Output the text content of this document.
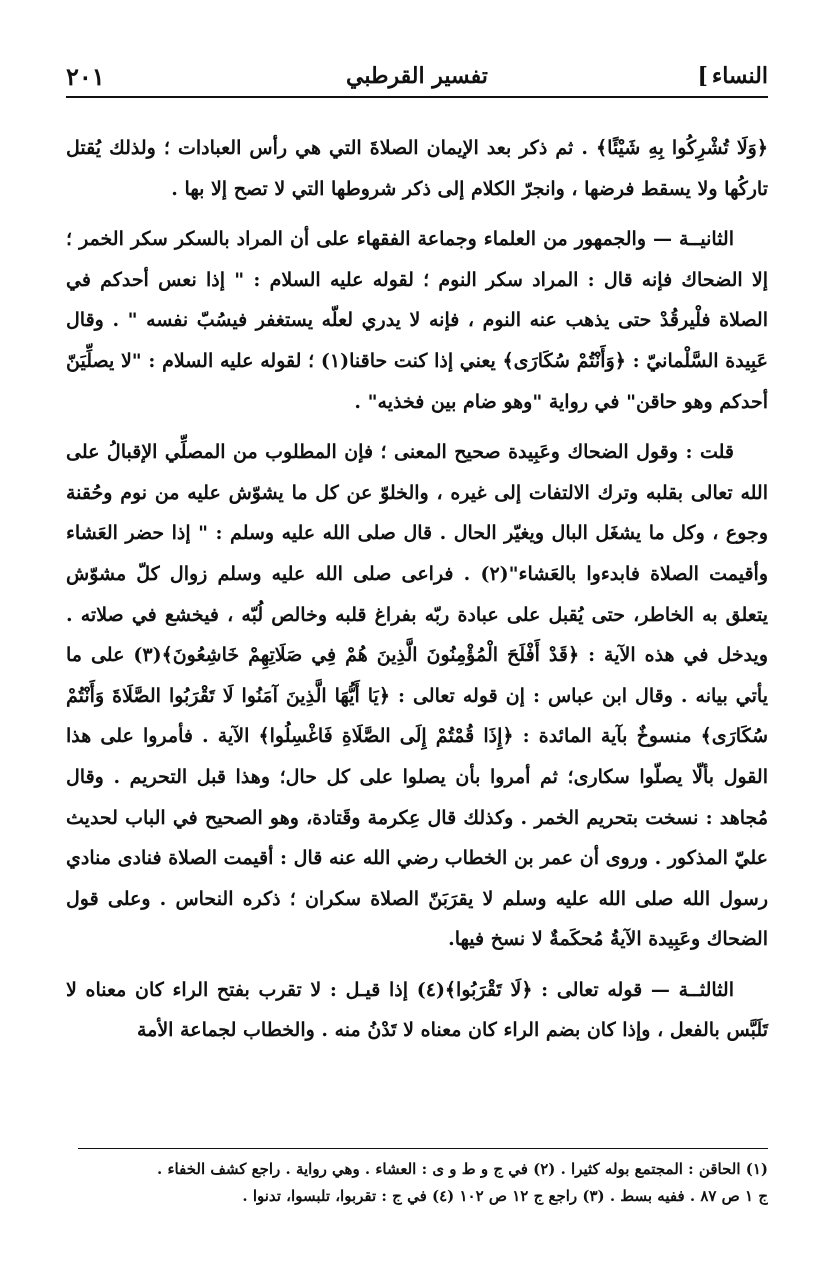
النساء]
تفسير القرطبي
٢٠١

﴿وَلَا تُشْرِكُوا بِهِ شَيْئًا﴾ . ثم ذكر بعد الإيمان الصلاةَ التي هي رأس العبادات ؛ ولذلك يُقتل تاركُها ولا يسقط فرضها ، وانجرّ الكلام إلى ذكر شروطها التي لا تصح إلا بها .

الثانيــة — والجمهور من العلماء وجماعة الفقهاء على أن المراد بالسكر سكر الخمر ؛ إلا الضحاك فإنه قال : المراد سكر النوم ؛ لقوله عليه السلام : " إذا نعس أحدكم في الصلاة فلْيرقُدْ حتى يذهب عنه النوم ، فإنه لا يدري لعلّه يستغفر فيسُبّ نفسه " . وقال عَبِيدة السَّلْمانيّ : ﴿وَأَنْتُمْ سُكَارَى﴾ يعني إذا كنت حاقنا(١) ؛ لقوله عليه السلام : "لا يصلِّيَنّ أحدكم وهو حاقن" في رواية "وهو ضام بين فخذيه" .

قلت : وقول الضحاك وعَبِيدة صحيح المعنى ؛ فإن المطلوب من المصلِّي الإقبالُ على الله تعالى بقلبه وترك الالتفات إلى غيره ، والخلوّ عن كل ما يشوّش عليه من نوم وحُقنة وجوع ، وكل ما يشغَل البال ويغيّر الحال . قال صلى الله عليه وسلم : " إذا حضر العَشاء وأقيمت الصلاة فابدءوا بالعَشاء"(٢) . فراعى صلى الله عليه وسلم زوال كلّ مشوّش يتعلق به الخاطر، حتى يُقبل على عبادة ربّه بفراغ قلبه وخالص لُبّه ، فيخشع في صلاته . ويدخل في هذه الآية : ﴿قَدْ أَفْلَحَ الْمُؤْمِنُونَ الَّذِينَ هُمْ فِي صَلَاتِهِمْ خَاشِعُونَ﴾(٣) على ما يأتي بيانه . وقال ابن عباس : إن قوله تعالى : ﴿يَا أَيُّهَا الَّذِينَ آمَنُوا لَا تَقْرَبُوا الصَّلَاةَ وَأَنْتُمْ سُكَارَى﴾ منسوخٌ بآية المائدة : ﴿إِذَا قُمْتُمْ إِلَى الصَّلَاةِ فَاغْسِلُوا﴾ الآية . فأمروا على هذا القول بألّا يصلّوا سكارى؛ ثم أمروا بأن يصلوا على كل حال؛ وهذا قبل التحريم . وقال مُجاهد : نسخت بتحريم الخمر . وكذلك قال عِكرمة وقَتادة، وهو الصحيح في الباب لحديث عليّ المذكور . وروى أن عمر بن الخطاب رضي الله عنه قال : أقيمت الصلاة فنادى منادي رسول الله صلى الله عليه وسلم لا يقرَبَنّ الصلاة سكران ؛ ذكره النحاس . وعلى قول الضحاك وعَبِيدة الآيةُ مُحكَمةٌ لا نسخ فيها.

الثالثــة — قوله تعالى : ﴿لَا تَقْرَبُوا﴾(٤) إذا قيـل : لا تقرب بفتح الراء كان معناه لا تَلَبَّس بالفعل ، وإذا كان بضم الراء كان معناه لا تَدْنُ منه . والخطاب لجماعة الأمة

(١) الحاقن : المجتمع بوله كثيرا . (٢) في ج و ط و ى : العشاء . وهي رواية . راجع كشف الخفاء .
ج ١ ص ٨٧ . ففيه بسط . (٣) راجع ج ١٢ ص ١٠٢ (٤) في ج : تقربوا، تلبسوا، تدنوا .
